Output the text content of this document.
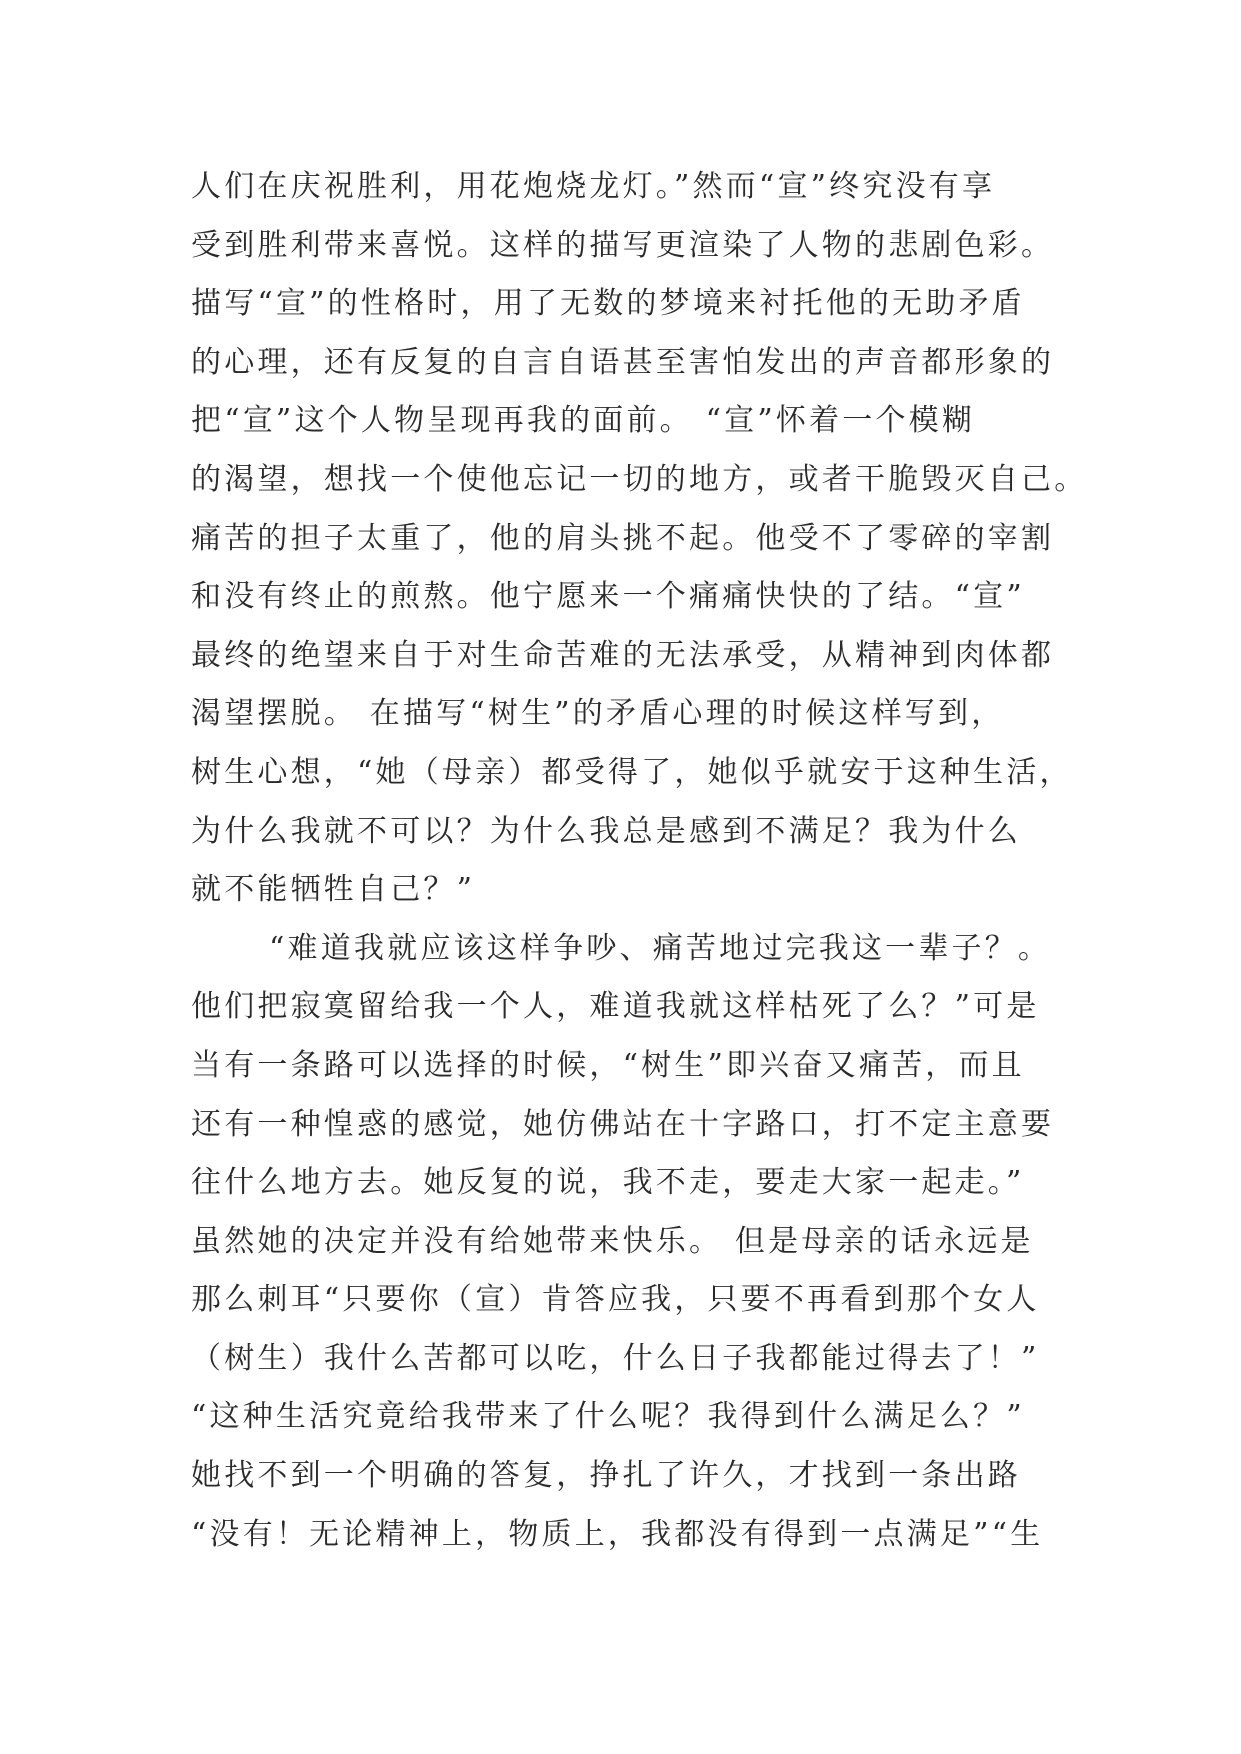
人们在庆祝胜利，用花炮烧龙灯。”然而“宣”终究没有享
受到胜利带来喜悦。这样的描写更渲染了人物的悲剧色彩。
描写“宣”的性格时，用了无数的梦境来衬托他的无助矛盾
的心理，还有反复的自言自语甚至害怕发出的声音都形象的
把“宣”这个人物呈现再我的面前。 “宣”怀着一个模糊
的渴望，想找一个使他忘记一切的地方，或者干脆毁灭自己。
痛苦的担子太重了，他的肩头挑不起。他受不了零碎的宰割
和没有终止的煎熬。他宁愿来一个痛痛快快的了结。“宣”
最终的绝望来自于对生命苦难的无法承受，从精神到肉体都
渴望摆脱。 在描写“树生”的矛盾心理的时候这样写到，
树生心想，“她（母亲）都受得了，她似乎就安于这种生活，
为什么我就不可以？为什么我总是感到不满足？我为什么
就不能牺牲自己？”
“难道我就应该这样争吵、痛苦地过完我这一辈子？。
他们把寂寞留给我一个人，难道我就这样枯死了么？”可是
当有一条路可以选择的时候，“树生”即兴奋又痛苦，而且
还有一种惶惑的感觉，她仿佛站在十字路口，打不定主意要
往什么地方去。她反复的说，我不走，要走大家一起走。”
虽然她的决定并没有给她带来快乐。 但是母亲的话永远是
那么刺耳“只要你（宣）肯答应我，只要不再看到那个女人
（树生）我什么苦都可以吃，什么日子我都能过得去了！”
“这种生活究竟给我带来了什么呢？我得到什么满足么？”
她找不到一个明确的答复，挣扎了许久，才找到一条出路
“没有！无论精神上，物质上，我都没有得到一点满足”“生
